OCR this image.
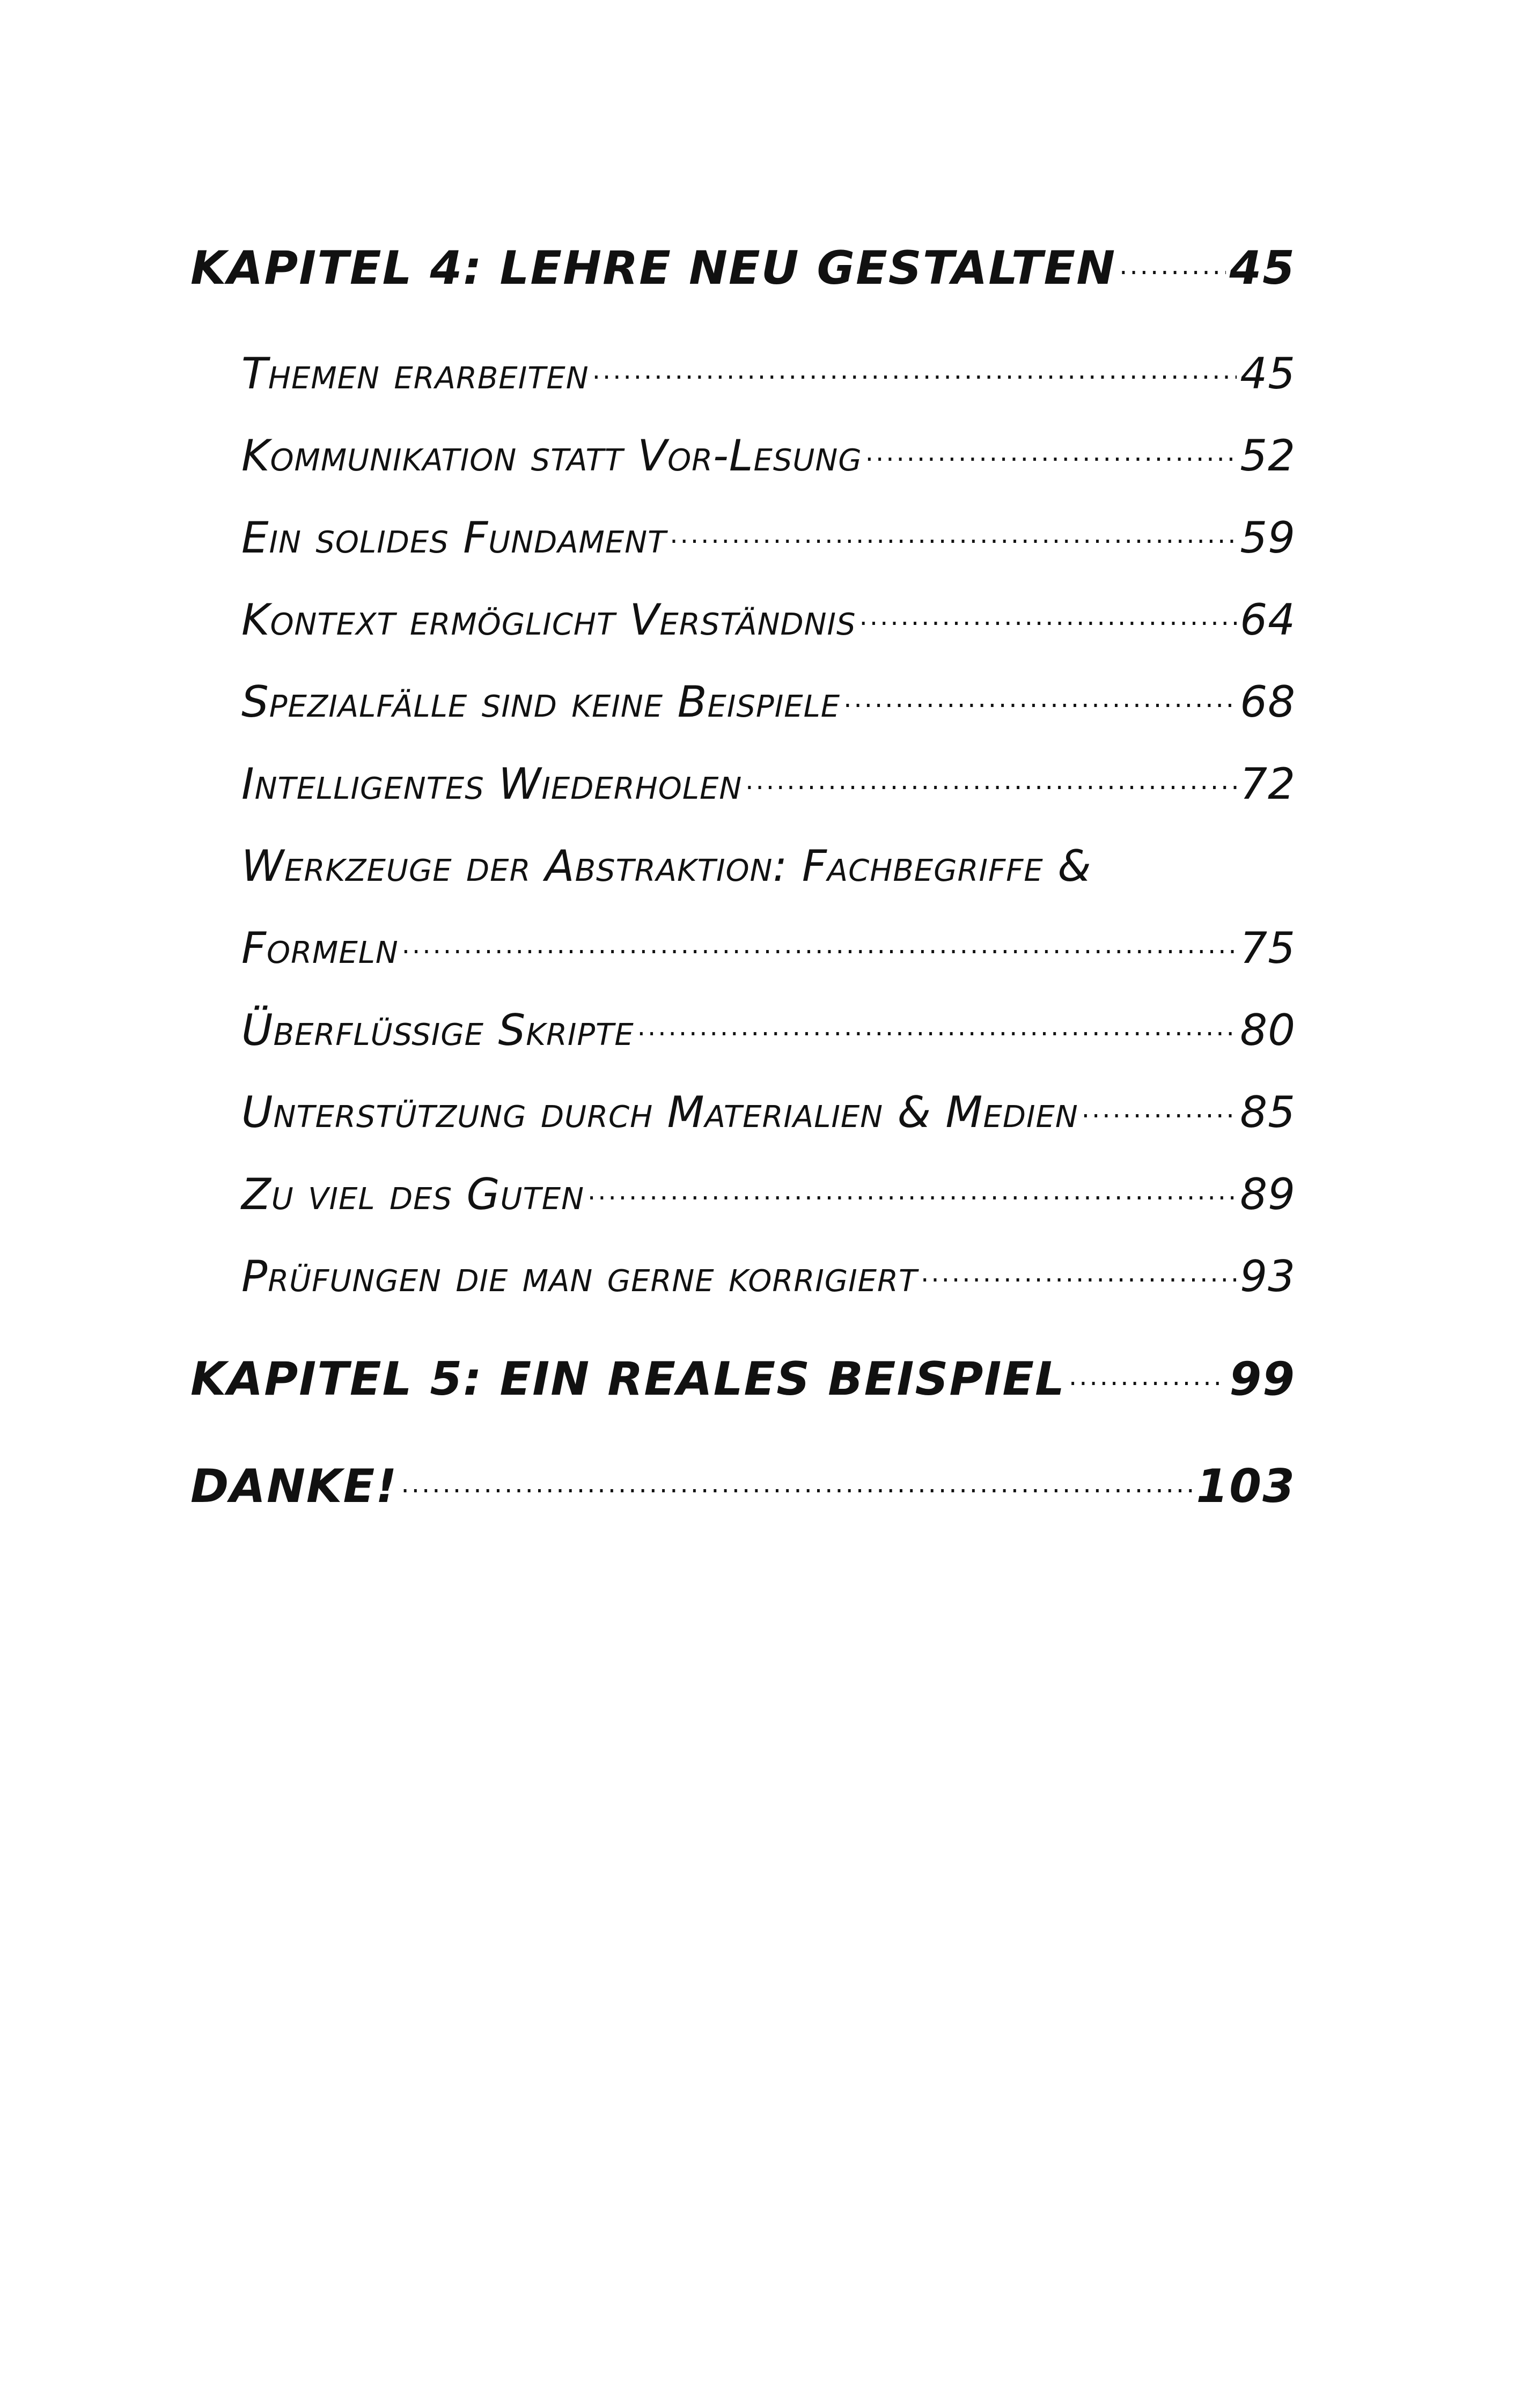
KAPITEL 4: LEHRE NEU GESTALTEN ····· 45
Themen erarbeiten ·····	45
Kommunikation statt Vor-Lesung ·····	52
Ein solides Fundament ·····	59
Kontext ermöglicht Verständnis ·····	64
Spezialfälle sind keine Beispiele ·····	68
Intelligentes Wiederholen ·····	72
Werkzeuge der Abstraktion: Fachbegriffe &
Formeln ·····	75
Überflüssige Skripte ·····	80
Unterstützung durch Materialien & Medien ·····	85
Zu viel des Guten ·····	89
Prüfungen die man gerne korrigiert ·····	93
KAPITEL 5: EIN REALES BEISPIEL ·····	99
DANKE! ·····	103
